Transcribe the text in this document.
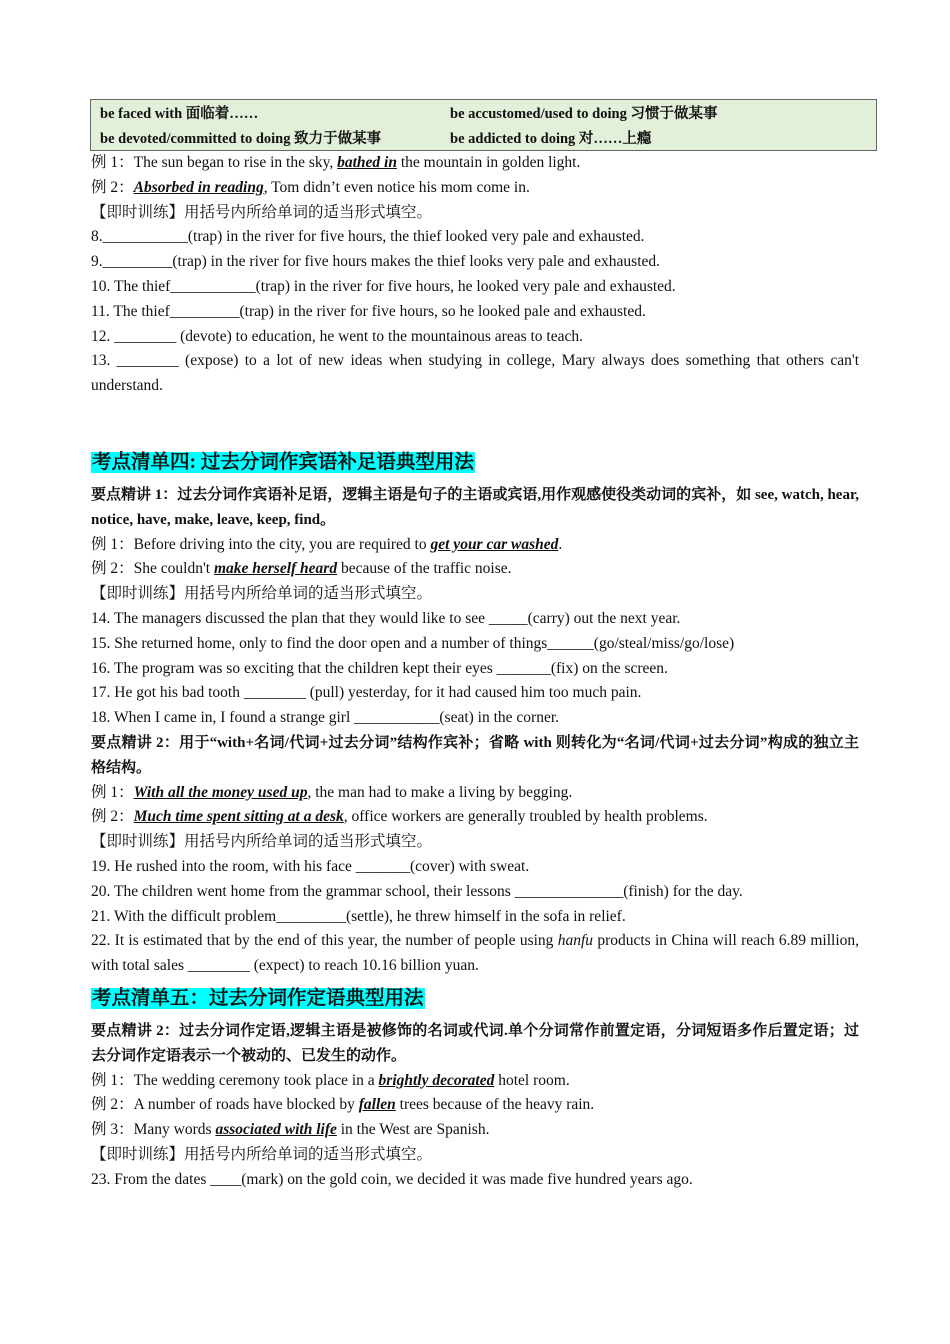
be faced with 面临着……	be accustomed/used to doing 习惯于做某事
be devoted/committed to doing 致力于做某事	be addicted to doing 对……上瘾
例 1：The sun began to rise in the sky, bathed in the mountain in golden light.
例 2：Absorbed in reading, Tom didn’t even notice his mom come in.
【即时训练】用括号内所给单词的适当形式填空。
8.___________(trap) in the river for five hours, the thief looked very pale and exhausted.
9._________(trap) in the river for five hours makes the thief looks very pale and exhausted.
10. The thief___________(trap) in the river for five hours, he looked very pale and exhausted.
11. The thief_________(trap) in the river for five hours, so he looked pale and exhausted.
12. ________ (devote) to education, he went to the mountainous areas to teach.
13. ________ (expose) to a lot of new ideas when studying in college, Mary always does something that others can't understand.
考点清单四: 过去分词作宾语补足语典型用法
要点精讲 1：过去分词作宾语补足语，逻辑主语是句子的主语或宾语,用作观感使役类动词的宾补，如 see, watch, hear, notice, have, make, leave, keep, find。
例 1：Before driving into the city, you are required to get your car washed.
例 2：She couldn't make herself heard because of the traffic noise.
【即时训练】用括号内所给单词的适当形式填空。
14. The managers discussed the plan that they would like to see _____(carry) out the next year.
15. She returned home, only to find the door open and a number of things______(go/steal/miss/go/lose)
16. The program was so exciting that the children kept their eyes _______(fix) on the screen.
17. He got his bad tooth ________ (pull) yesterday, for it had caused him too much pain.
18. When I came in, I found a strange girl ___________(seat) in the corner.
要点精讲 2：用于“with+名词/代词+过去分词”结构作宾补；省略 with 则转化为“名词/代词+过去分词”构成的独立主格结构。
例 1：With all the money used up, the man had to make a living by begging.
例 2：Much time spent sitting at a desk, office workers are generally troubled by health problems.
【即时训练】用括号内所给单词的适当形式填空。
19. He rushed into the room, with his face _______(cover) with sweat.
20. The children went home from the grammar school, their lessons ______________(finish) for the day.
21. With the difficult problem_________(settle), he threw himself in the sofa in relief.
22. It is estimated that by the end of this year, the number of people using hanfu products in China will reach 6.89 million, with total sales ________ (expect) to reach 10.16 billion yuan.
考点清单五：过去分词作定语典型用法
要点精讲 2：过去分词作定语,逻辑主语是被修饰的名词或代词.单个分词常作前置定语，分词短语多作后置定语；过去分词作定语表示一个被动的、已发生的动作。
例 1：The wedding ceremony took place in a brightly decorated hotel room.
例 2：A number of roads have blocked by fallen trees because of the heavy rain.
例 3：Many words associated with life in the West are Spanish.
【即时训练】用括号内所给单词的适当形式填空。
23. From the dates ____(mark) on the gold coin, we decided it was made five hundred years ago.
